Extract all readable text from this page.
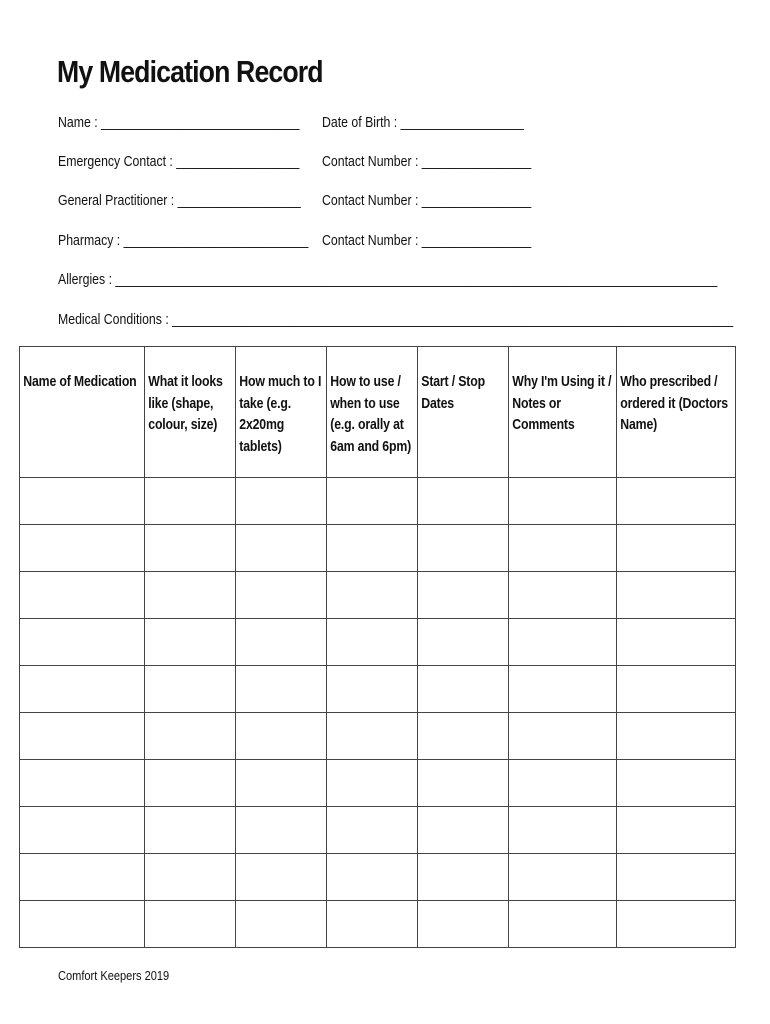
My Medication Record
Name : _____________________________ Date of Birth : __________________
Emergency Contact : __________________ Contact Number : ________________
General Practitioner : __________________ Contact Number : ________________
Pharmacy : ___________________________ Contact Number : ________________
Allergies : ________________________________________________________________________________________
Medical Conditions : __________________________________________________________________________________
Name of Medication	What it looks like (shape, colour, size)	How much to I take (e.g. 2x20mg tablets)	How to use / when to use (e.g. orally at 6am and 6pm)	Start / Stop Dates	Why I'm Using it / Notes or Comments	Who prescribed / ordered it (Doctors Name)

Comfort Keepers 2019
